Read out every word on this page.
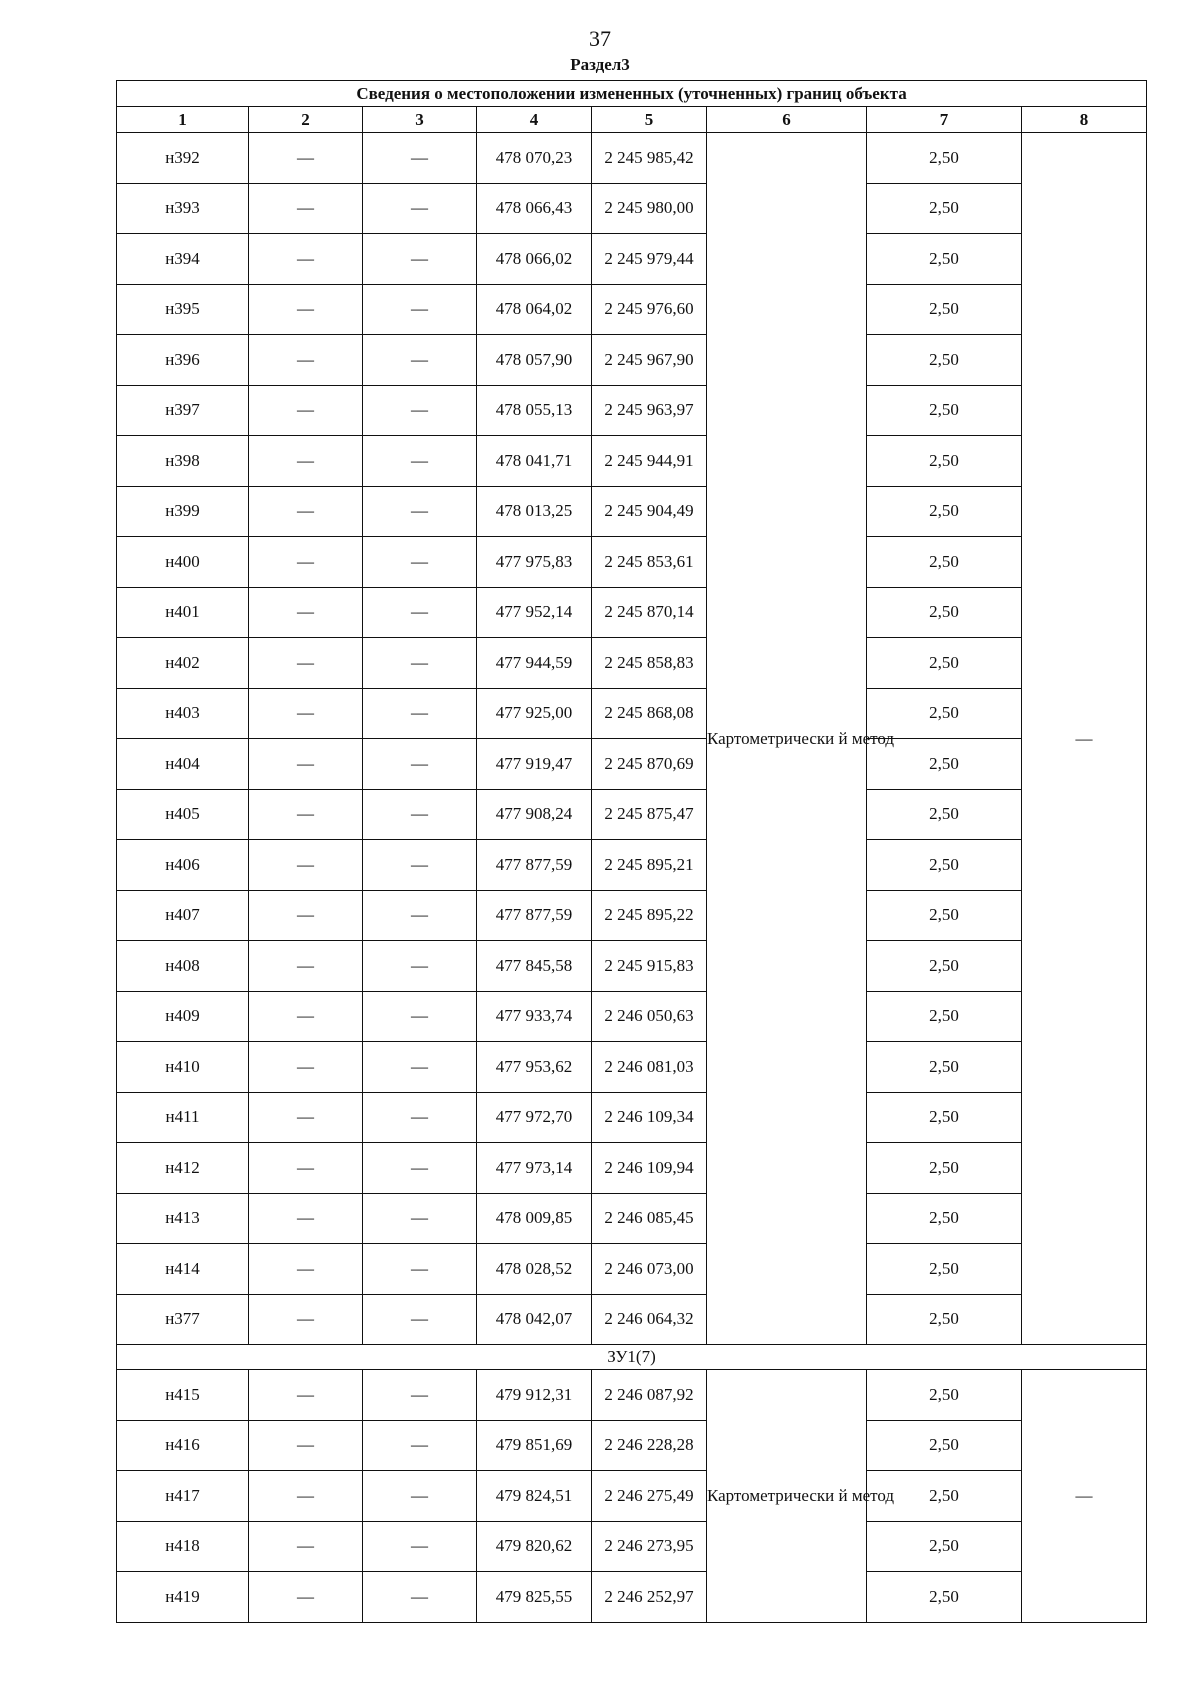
37
Раздел3
Сведения о местоположении измененных (уточненных) границ объекта							
1	2	3	4	5	6	7	8
н392	—	—	478 070,23	2 245 985,42	Картометрически й метод	2,50	—
н393	—	—	478 066,43	2 245 980,00		2,50	
н394	—	—	478 066,02	2 245 979,44		2,50	
н395	—	—	478 064,02	2 245 976,60		2,50	
н396	—	—	478 057,90	2 245 967,90		2,50	
н397	—	—	478 055,13	2 245 963,97		2,50	
н398	—	—	478 041,71	2 245 944,91		2,50	
н399	—	—	478 013,25	2 245 904,49		2,50	
н400	—	—	477 975,83	2 245 853,61		2,50	
н401	—	—	477 952,14	2 245 870,14		2,50	
н402	—	—	477 944,59	2 245 858,83		2,50	
н403	—	—	477 925,00	2 245 868,08		2,50	
н404	—	—	477 919,47	2 245 870,69		2,50	
н405	—	—	477 908,24	2 245 875,47		2,50	
н406	—	—	477 877,59	2 245 895,21		2,50	
н407	—	—	477 877,59	2 245 895,22		2,50	
н408	—	—	477 845,58	2 245 915,83		2,50	
н409	—	—	477 933,74	2 246 050,63		2,50	
н410	—	—	477 953,62	2 246 081,03		2,50	
н411	—	—	477 972,70	2 246 109,34		2,50	
н412	—	—	477 973,14	2 246 109,94		2,50	
н413	—	—	478 009,85	2 246 085,45		2,50	
н414	—	—	478 028,52	2 246 073,00		2,50	
н377	—	—	478 042,07	2 246 064,32		2,50	
ЗУ1(7)							
н415	—	—	479 912,31	2 246 087,92	Картометрически й метод	2,50	—
н416	—	—	479 851,69	2 246 228,28		2,50	
н417	—	—	479 824,51	2 246 275,49		2,50	
н418	—	—	479 820,62	2 246 273,95		2,50	
н419	—	—	479 825,55	2 246 252,97		2,50	
